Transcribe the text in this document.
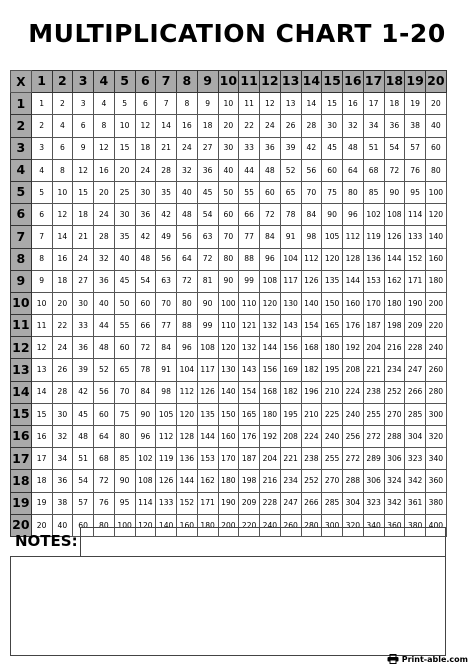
MULTIPLICATION CHART 1-20
X	1	2	3	4	5	6	7	8	9	10	11	12	13	14	15	16	17	18	19	20
1	1	2	3	4	5	6	7	8	9	10	11	12	13	14	15	16	17	18	19	20
2	2	4	6	8	10	12	14	16	18	20	22	24	26	28	30	32	34	36	38	40
3	3	6	9	12	15	18	21	24	27	30	33	36	39	42	45	48	51	54	57	60
4	4	8	12	16	20	24	28	32	36	40	44	48	52	56	60	64	68	72	76	80
5	5	10	15	20	25	30	35	40	45	50	55	60	65	70	75	80	85	90	95	100
6	6	12	18	24	30	36	42	48	54	60	66	72	78	84	90	96	102	108	114	120
7	7	14	21	28	35	42	49	56	63	70	77	84	91	98	105	112	119	126	133	140
8	8	16	24	32	40	48	56	64	72	80	88	96	104	112	120	128	136	144	152	160
9	9	18	27	36	45	54	63	72	81	90	99	108	117	126	135	144	153	162	171	180
10	10	20	30	40	50	60	70	80	90	100	110	120	130	140	150	160	170	180	190	200
11	11	22	33	44	55	66	77	88	99	110	121	132	143	154	165	176	187	198	209	220
12	12	24	36	48	60	72	84	96	108	120	132	144	156	168	180	192	204	216	228	240
13	13	26	39	52	65	78	91	104	117	130	143	156	169	182	195	208	221	234	247	260
14	14	28	42	56	70	84	98	112	126	140	154	168	182	196	210	224	238	252	266	280
15	15	30	45	60	75	90	105	120	135	150	165	180	195	210	225	240	255	270	285	300
16	16	32	48	64	80	96	112	128	144	160	176	192	208	224	240	256	272	288	304	320
17	17	34	51	68	85	102	119	136	153	170	187	204	221	238	255	272	289	306	323	340
18	18	36	54	72	90	108	126	144	162	180	198	216	234	252	270	288	306	324	342	360
19	19	38	57	76	95	114	133	152	171	190	209	228	247	266	285	304	323	342	361	380
20	20	40	60	80	100	120	140	160	180	200	220	240	260	280	300	320	340	360	380	400
NOTES:
Print-able.com
